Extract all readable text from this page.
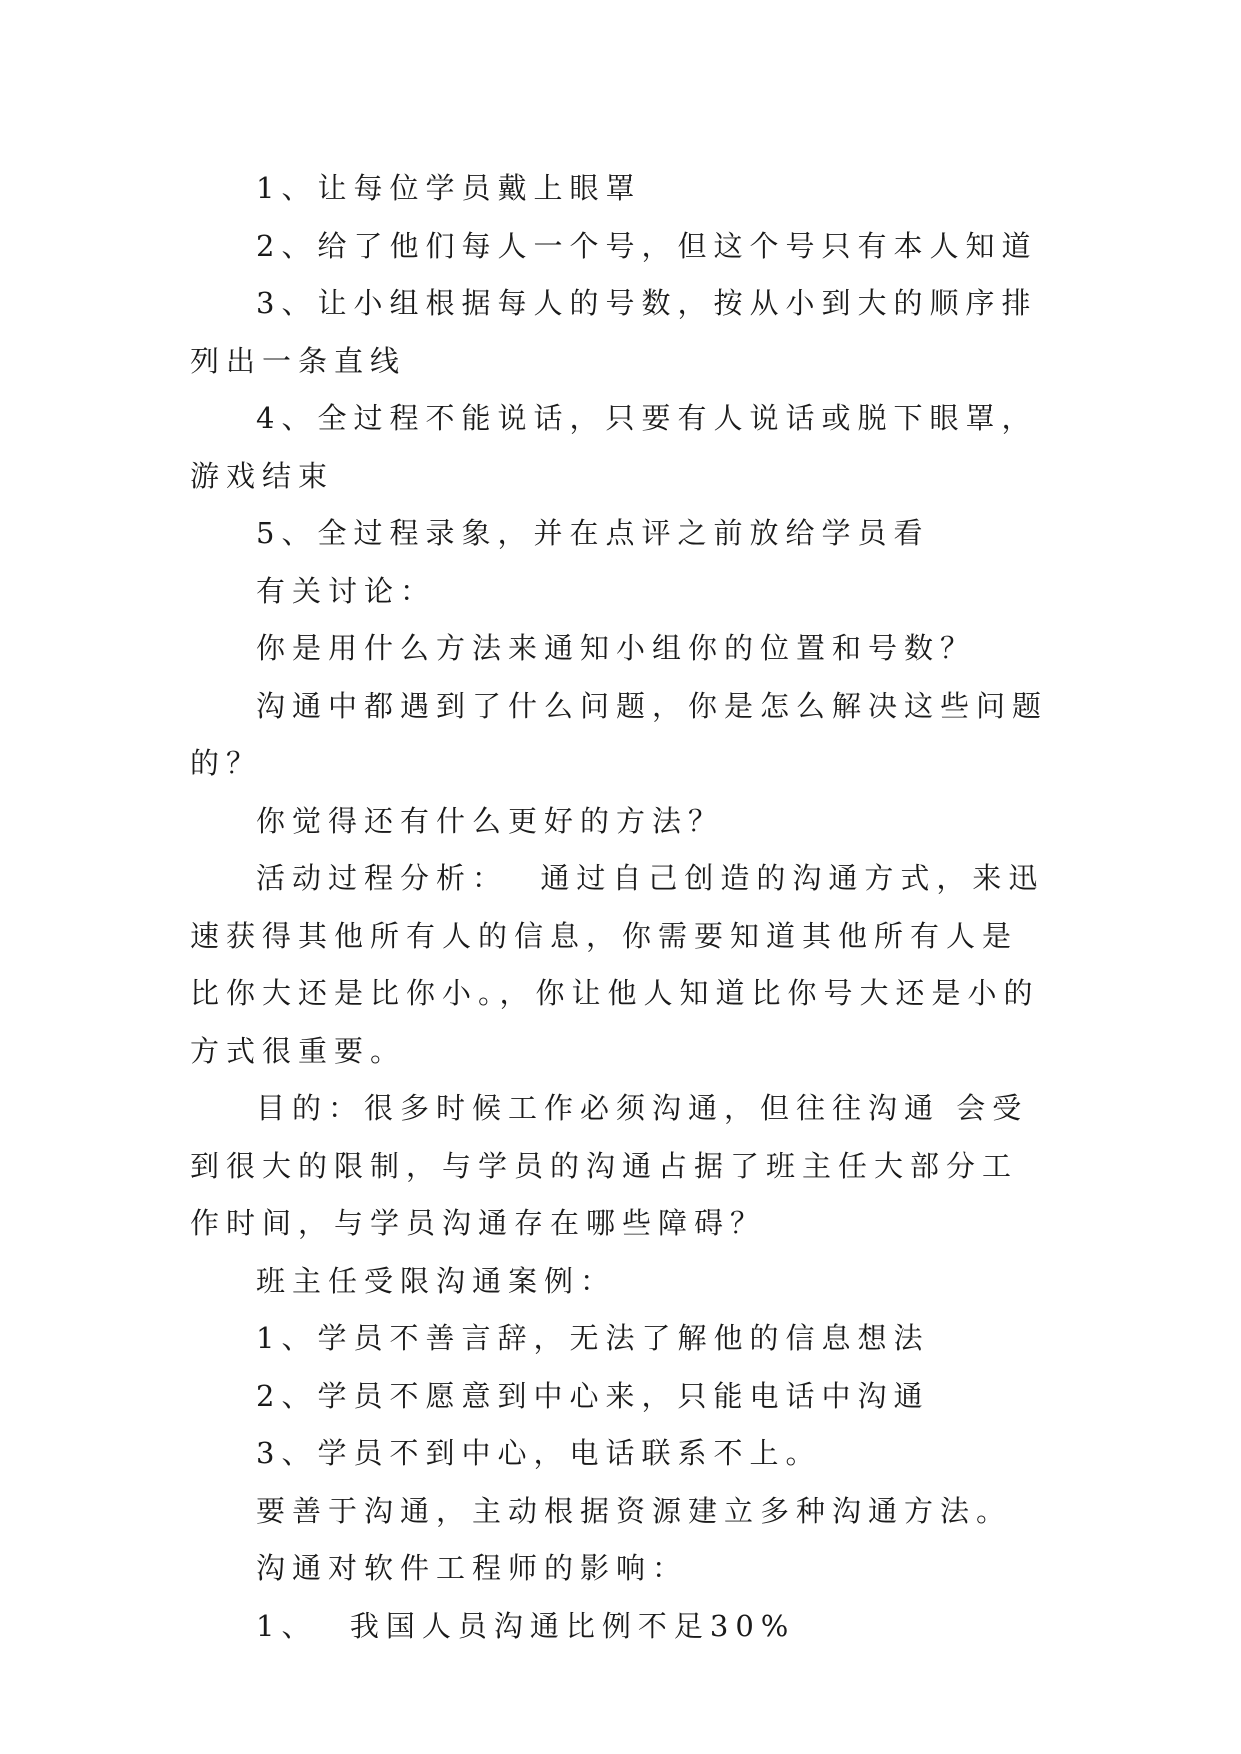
1、让每位学员戴上眼罩

2、给了他们每人一个号，但这个号只有本人知道

3、让小组根据每人的号数，按从小到大的顺序排列出一条直线

4、全过程不能说话，只要有人说话或脱下眼罩，游戏结束

5、全过程录象，并在点评之前放给学员看

有关讨论：

你是用什么方法来通知小组你的位置和号数？

沟通中都遇到了什么问题，你是怎么解决这些问题的？

你觉得还有什么更好的方法？

活动过程分析：  通过自己创造的沟通方式，来迅速获得其他所有人的信息，你需要知道其他所有人是比你大还是比你小。，你让他人知道比你号大还是小的方式很重要。

目的：很多时候工作必须沟通，但往往沟通 会受到很大的限制，与学员的沟通占据了班主任大部分工作时间，与学员沟通存在哪些障碍？

班主任受限沟通案例：

1、学员不善言辞，无法了解他的信息想法

2、学员不愿意到中心来，只能电话中沟通

3、学员不到中心，电话联系不上。

要善于沟通，主动根据资源建立多种沟通方法。

沟通对软件工程师的影响：

1、  我国人员沟通比例不足30%
